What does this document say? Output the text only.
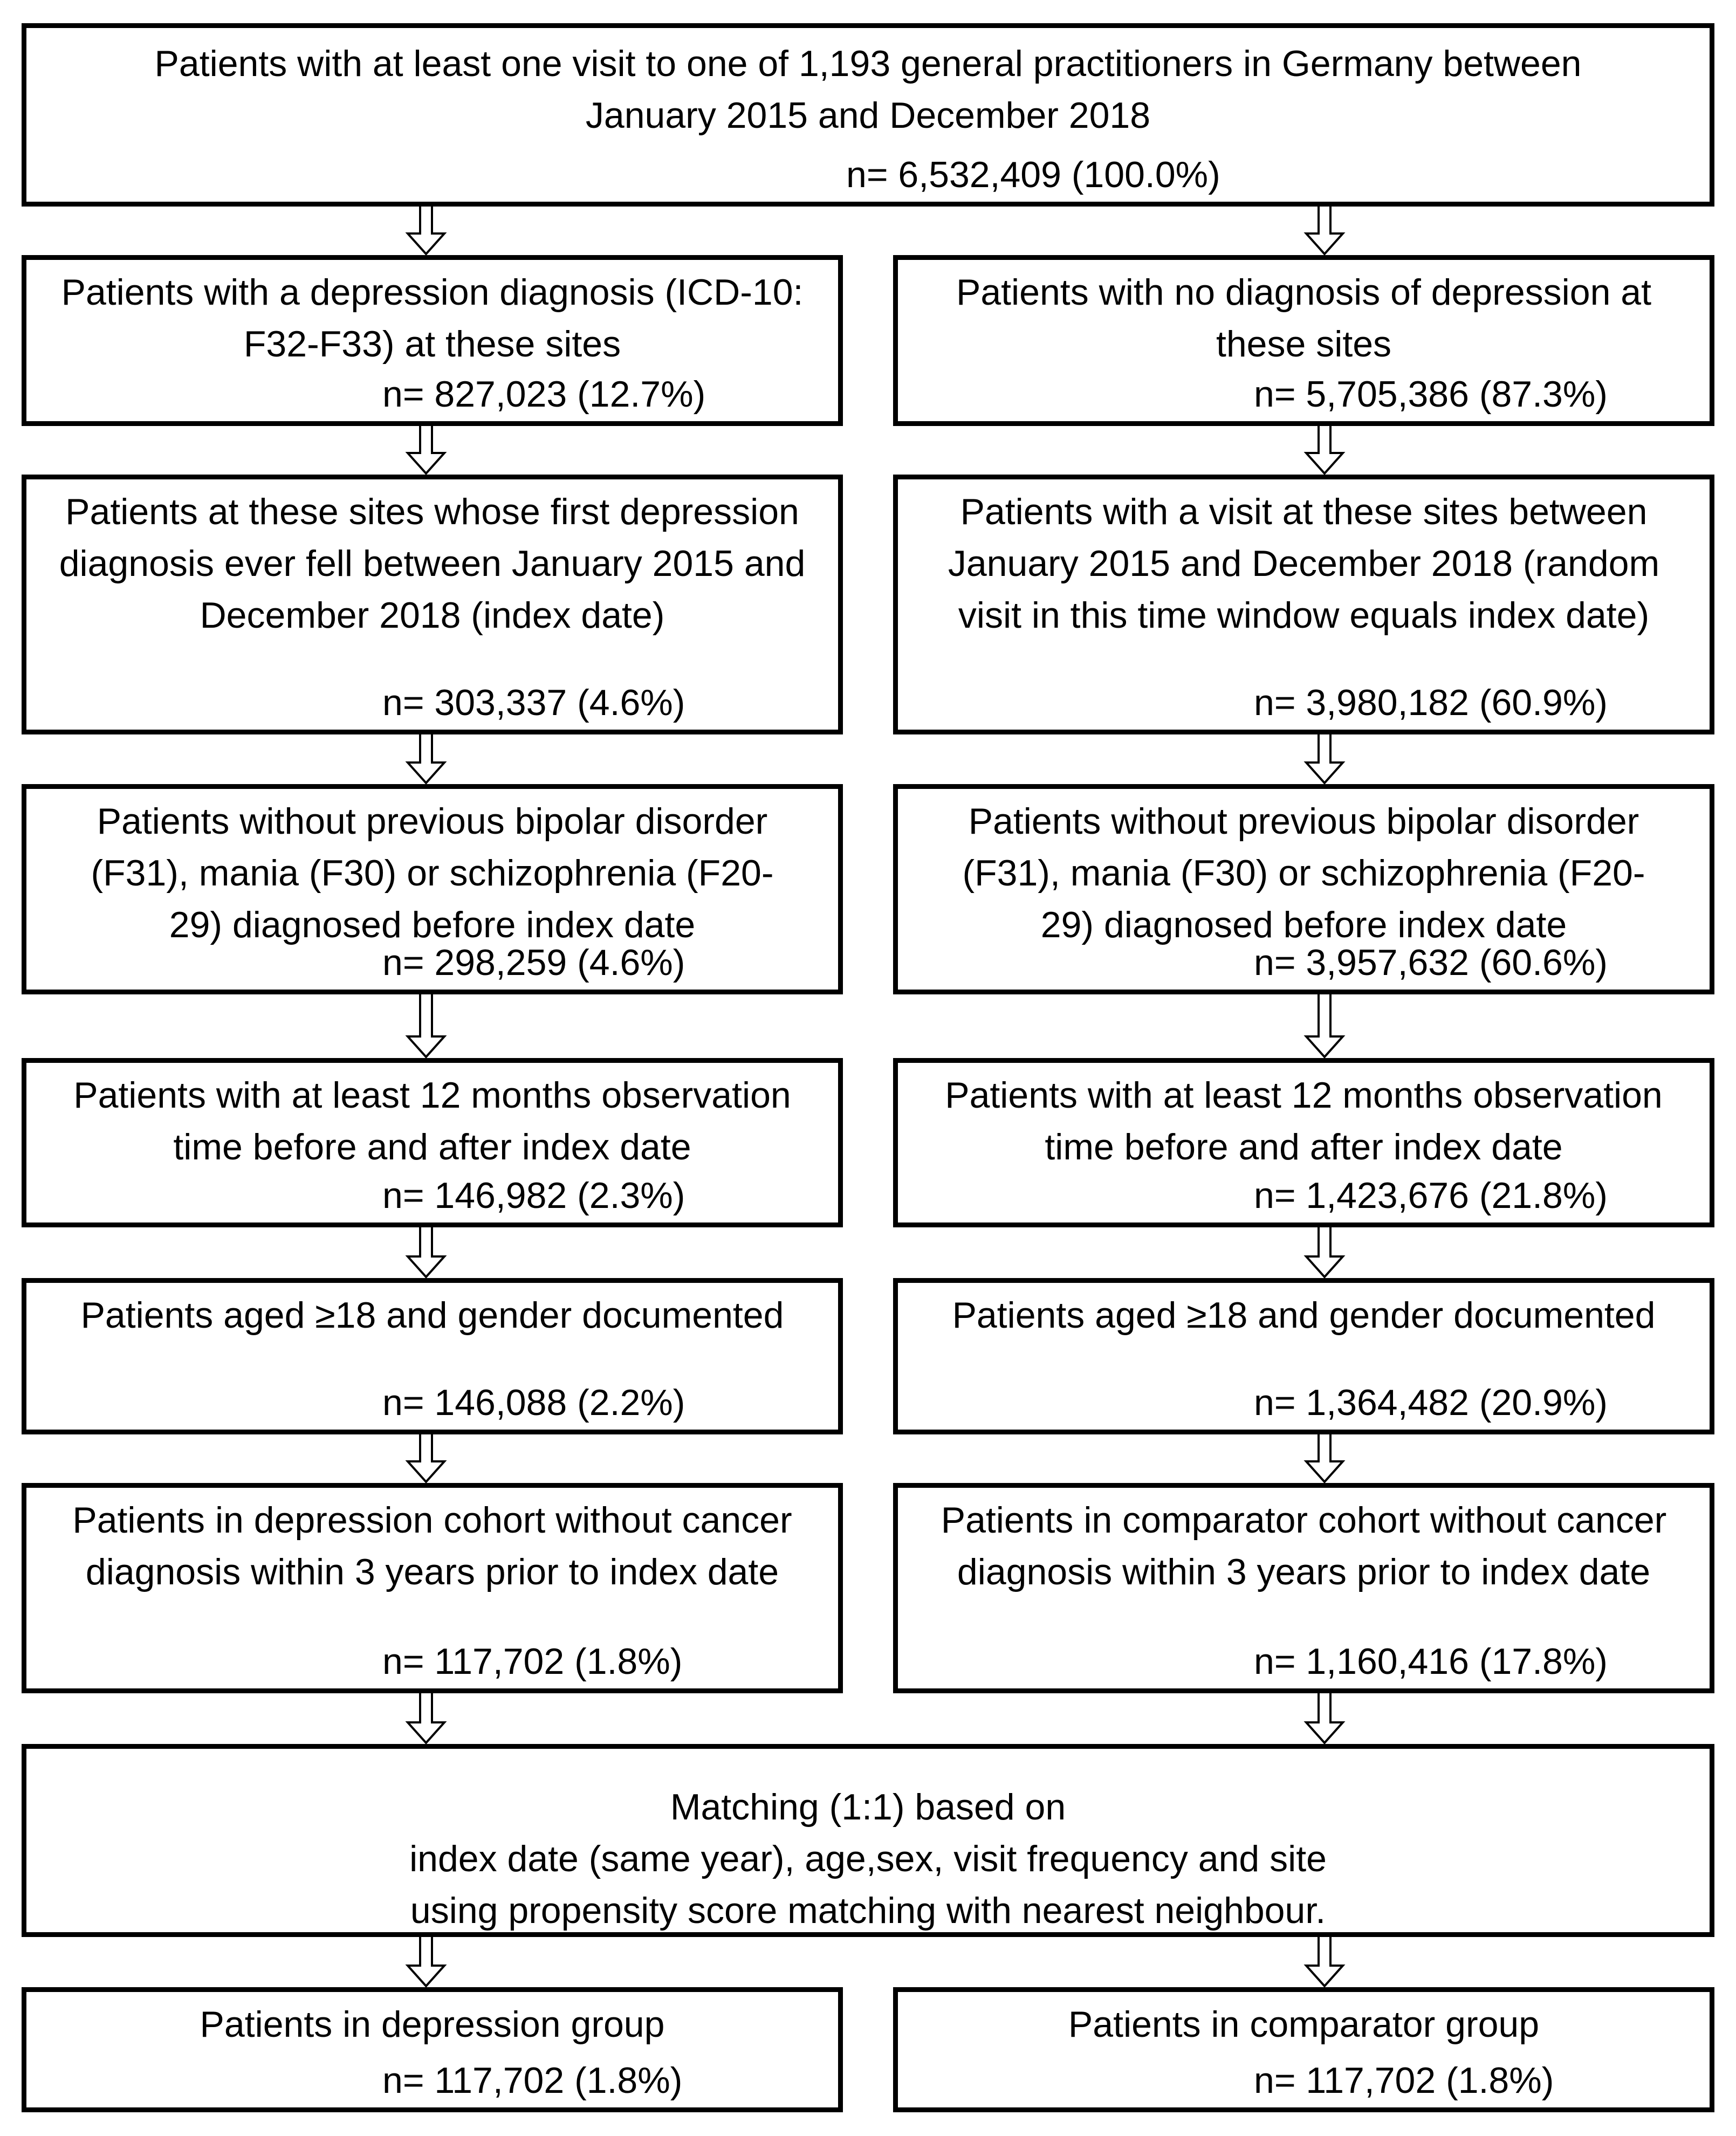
Patients with at least one visit to one of 1,193 general practitioners in Germany between

January 2015 and December 2018

n= 6,532,409 (100.0%)

Patients with a depression diagnosis (ICD-10:

F32-F33) at these sites

n= 827,023 (12.7%)

Patients with no diagnosis of depression at

these sites

n= 5,705,386 (87.3%)

Patients at these sites whose first depression

diagnosis ever fell between January 2015 and

December 2018 (index date)

n= 303,337 (4.6%)

Patients with a visit at these sites between

January 2015 and December 2018 (random

visit in this time window equals index date)

n= 3,980,182 (60.9%)

Patients without previous bipolar disorder

(F31), mania (F30) or schizophrenia (F20-

29) diagnosed before index date

n= 298,259 (4.6%)

Patients without previous bipolar disorder

(F31), mania (F30) or schizophrenia (F20-

29) diagnosed before index date

n= 3,957,632 (60.6%)

Patients with at least 12 months observation

time before and after index date

n= 146,982 (2.3%)

Patients with at least 12 months observation

time before and after index date

n= 1,423,676 (21.8%)

Patients aged ≥18 and gender documented

n= 146,088 (2.2%)

Patients aged ≥18 and gender documented

n= 1,364,482 (20.9%)

Patients in depression cohort without cancer

diagnosis within 3 years prior to index date

n= 117,702 (1.8%)

Patients in comparator cohort without cancer

diagnosis within 3 years prior to index date

n= 1,160,416 (17.8%)

Matching (1:1) based on

index date (same year), age,sex, visit frequency and site

using propensity score matching with nearest neighbour.

Patients in depression group

n= 117,702 (1.8%)

Patients in comparator group

n= 117,702 (1.8%)
